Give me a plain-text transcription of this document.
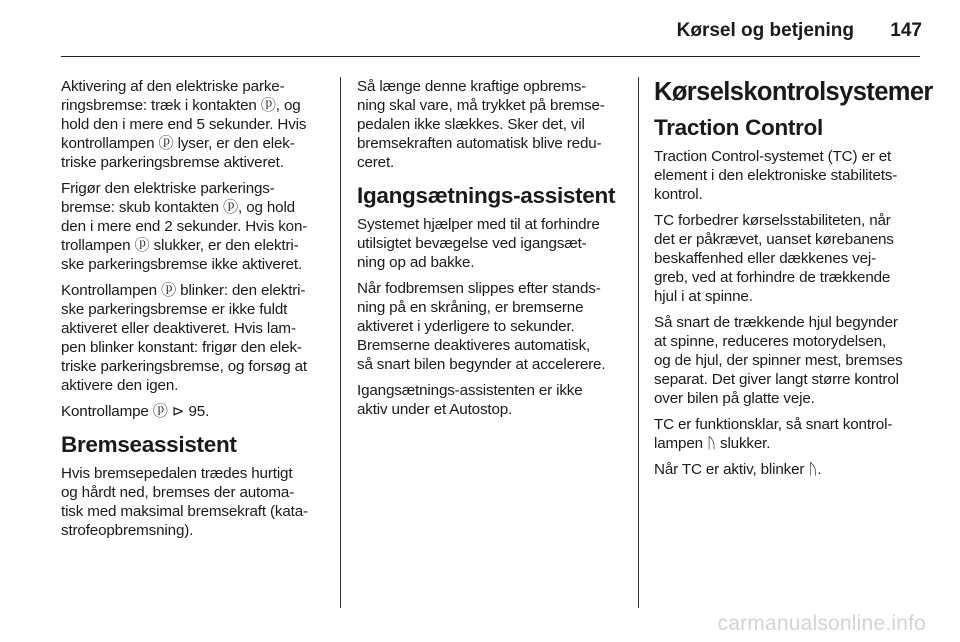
Kørsel og betjening 147

Aktivering af den elektriske parke-
ringsbremse: træk i kontakten ⓟ, og
hold den i mere end 5 sekunder. Hvis
kontrollampen ⓟ lyser, er den elek-
triske parkeringsbremse aktiveret.

Frigør den elektriske parkerings-
bremse: skub kontakten ⓟ, og hold
den i mere end 2 sekunder. Hvis kon-
trollampen ⓟ slukker, er den elektri-
ske parkeringsbremse ikke aktiveret.

Kontrollampen ⓟ blinker: den elektri-
ske parkeringsbremse er ikke fuldt
aktiveret eller deaktiveret. Hvis lam-
pen blinker konstant: frigør den elek-
triske parkeringsbremse, og forsøg at
aktivere den igen.

Kontrollampe ⓟ ⊳ 95.

Bremseassistent

Hvis bremsepedalen trædes hurtigt
og hårdt ned, bremses der automa-
tisk med maksimal bremsekraft (kata-
strofeopbremsning).

Så længe denne kraftige opbrems-
ning skal vare, må trykket på bremse-
pedalen ikke slækkes. Sker det, vil
bremsekraften automatisk blive redu-
ceret.

Igangsætnings-assistent

Systemet hjælper med til at forhindre
utilsigtet bevægelse ved igangsæt-
ning op ad bakke.

Når fodbremsen slippes efter stands-
ning på en skråning, er bremserne
aktiveret i yderligere to sekunder.
Bremserne deaktiveres automatisk,
så snart bilen begynder at accelerere.

Igangsætnings-assistenten er ikke
aktiv under et Autostop.

Kørselskontrolsystemer
Traction Control

Traction Control-systemet (TC) er et
element i den elektroniske stabilitets-
kontrol.

TC forbedrer kørselsstabiliteten, når
det er påkrævet, uanset kørebanens
beskaffenhed eller dækkenes vej-
greb, ved at forhindre de trækkende
hjul i at spinne.

Så snart de trækkende hjul begynder
at spinne, reduceres motorydelsen,
og de hjul, der spinner mest, bremses
separat. Det giver langt større kontrol
over bilen på glatte veje.

TC er funktionsklar, så snart kontrol-
lampen ᚢ slukker.

Når TC er aktiv, blinker ᚢ.

carmanualsonline.info
